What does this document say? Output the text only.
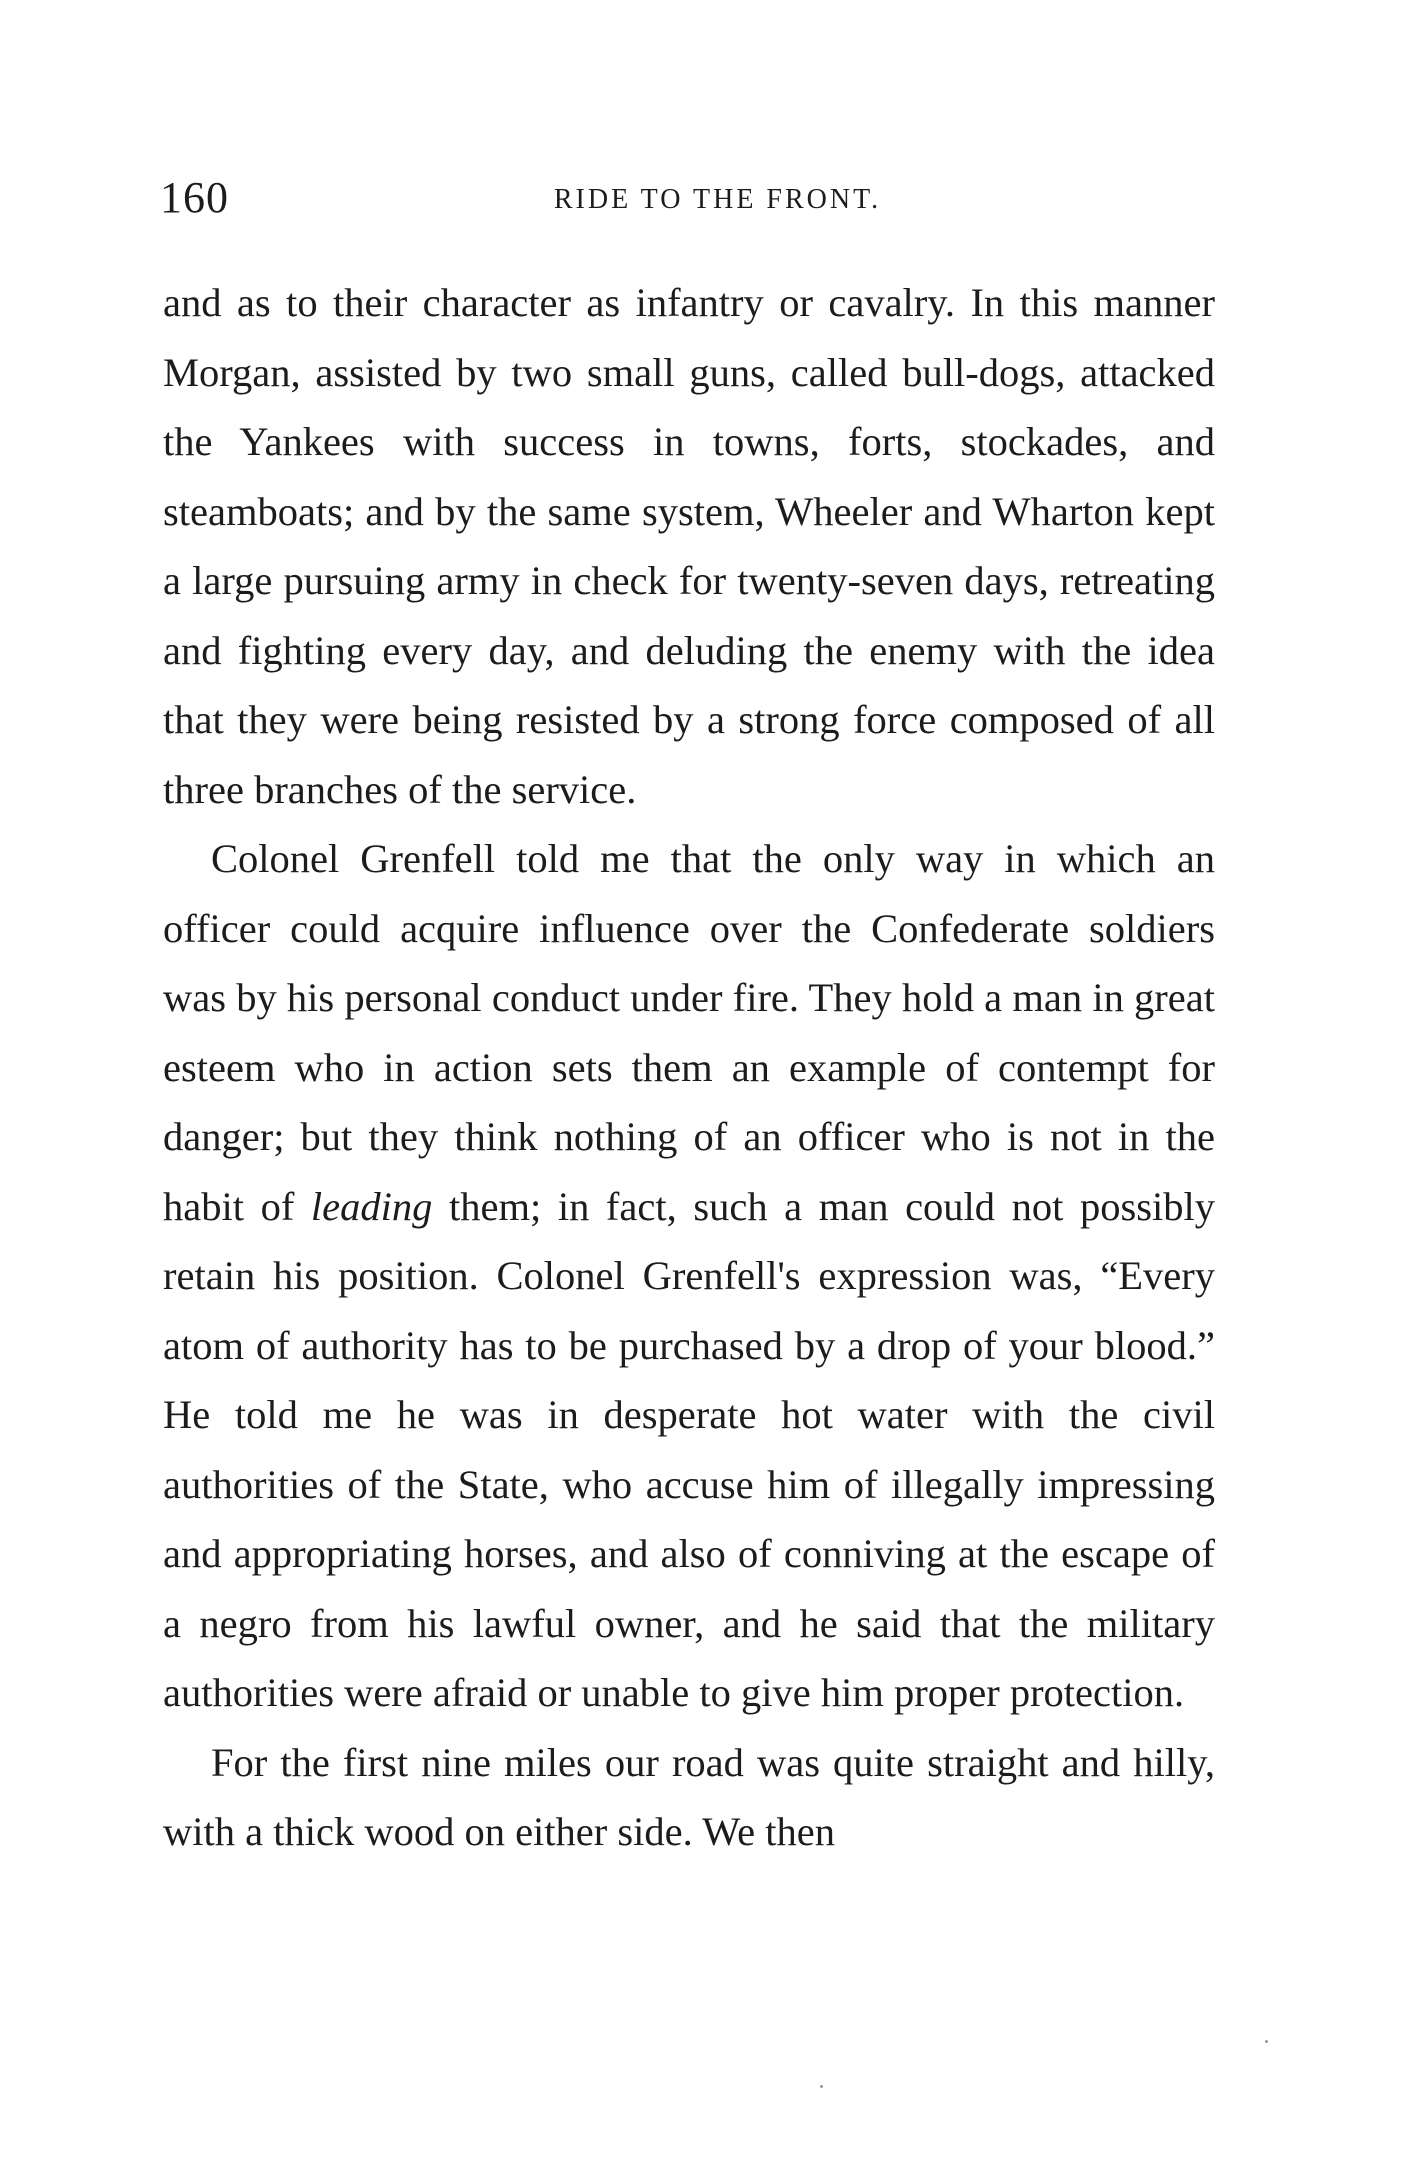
160	RIDE TO THE FRONT.

and as to their character as infantry or cavalry. In this manner Morgan, assisted by two small guns, called bull-dogs, attacked the Yankees with success in towns, forts, stockades, and steamboats; and by the same system, Wheeler and Wharton kept a large pursuing army in check for twenty-seven days, retreating and fighting every day, and deluding the enemy with the idea that they were being resisted by a strong force composed of all three branches of the service.

Colonel Grenfell told me that the only way in which an officer could acquire influence over the Confederate soldiers was by his personal conduct under fire. They hold a man in great esteem who in action sets them an example of contempt for danger; but they think nothing of an officer who is not in the habit of leading them; in fact, such a man could not possibly retain his position. Colonel Grenfell's expression was, “Every atom of authority has to be purchased by a drop of your blood.” He told me he was in desperate hot water with the civil authorities of the State, who accuse him of illegally impressing and appropriating horses, and also of conniving at the escape of a negro from his lawful owner, and he said that the military authorities were afraid or unable to give him proper protection.

For the first nine miles our road was quite straight and hilly, with a thick wood on either side. We then
